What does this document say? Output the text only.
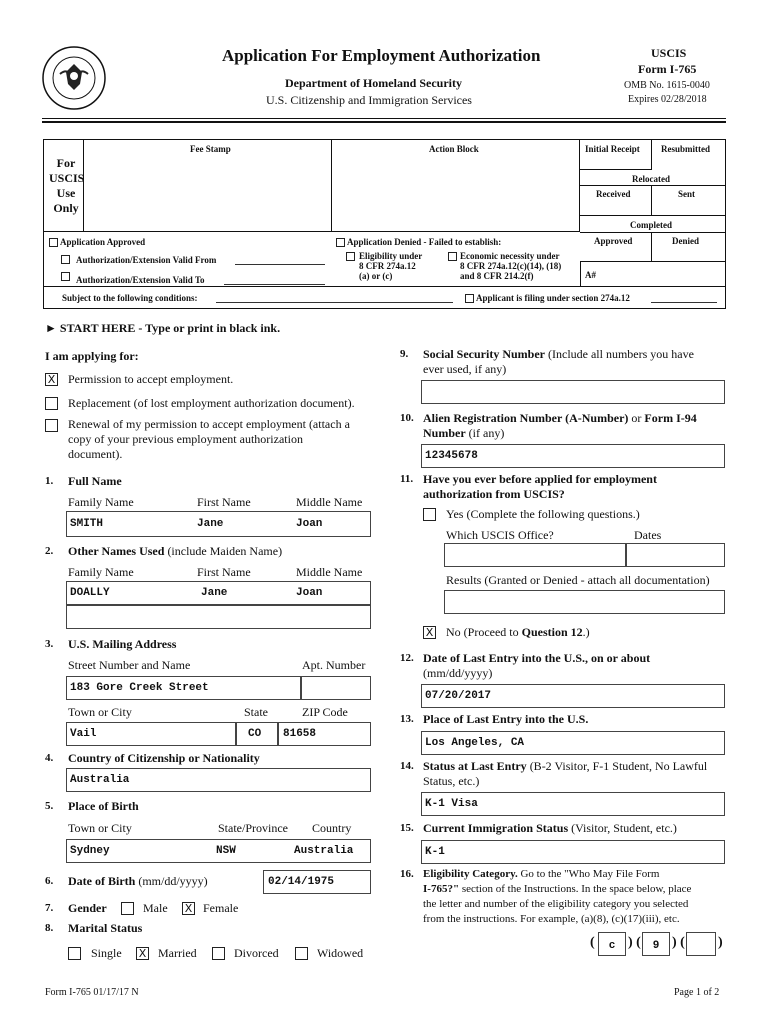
Application For Employment Authorization
Department of Homeland Security
U.S. Citizenship and Immigration Services
USCIS
Form I-765
OMB No. 1615-0040
Expires 02/28/2018
For
USCIS
Use
Only
Fee Stamp	Action Block	Initial Receipt Resubmitted
Relocated
Received	Sent
Completed
Approved	Denied
A#
Application Approved
Authorization/Extension Valid From
Authorization/Extension Valid To
Application Denied - Failed to establish:
Eligibility under
8 CFR 274a.12
(a) or (c)
Economic necessity under
8 CFR 274a.12(c)(14), (18)
and 8 CFR 214.2(f)
Subject to the following conditions:	Applicant is filing under section 274a.12
► START HERE - Type or print in black ink.
I am applying for:
X Permission to accept employment.
Replacement (of lost employment authorization document).
Renewal of my permission to accept employment (attach a
copy of your previous employment authorization
document).
1. Full Name
Family Name	First Name	Middle Name
SMITH	Jane	Joan
2. Other Names Used (include Maiden Name)
Family Name	First Name	Middle Name
DOALLY	Jane	Joan
3. U.S. Mailing Address
Street Number and Name	Apt. Number
183 Gore Creek Street
Town or City	State	ZIP Code
Vail	CO 81658
4. Country of Citizenship or Nationality
Australia
5. Place of Birth
Town or City	State/Province Country
Sydney	NSW	Australia
6. Date of Birth (mm/dd/yyyy)	02/14/1975
7. Gender	Male X Female
8. Marital Status
Single X Married	Divorced	Widowed
9. Social Security Number (Include all numbers you have
ever used, if any)
10. Alien Registration Number (A-Number) or Form I-94
Number (if any)
12345678
11. Have you ever before applied for employment
authorization from USCIS?
Yes (Complete the following questions.)
Which USCIS Office?	Dates
Results (Granted or Denied - attach all documentation)
X No (Proceed to Question 12.)
12. Date of Last Entry into the U.S., on or about
(mm/dd/yyyy)
07/20/2017
13. Place of Last Entry into the U.S.
Los Angeles, CA
14. Status at Last Entry (B-2 Visitor, F-1 Student, No Lawful
Status, etc.)
K-1 Visa
15. Current Immigration Status (Visitor, Student, etc.)
K-1
16. Eligibility Category. Go to the "Who May File Form
I-765?" section of the Instructions. In the space below, place
the letter and number of the eligibility category you selected
from the instructions. For example, (a)(8), (c)(17)(iii), etc.
(	c ) (	9 ) ( )
Form I-765 01/17/17 N	Page 1 of 2
